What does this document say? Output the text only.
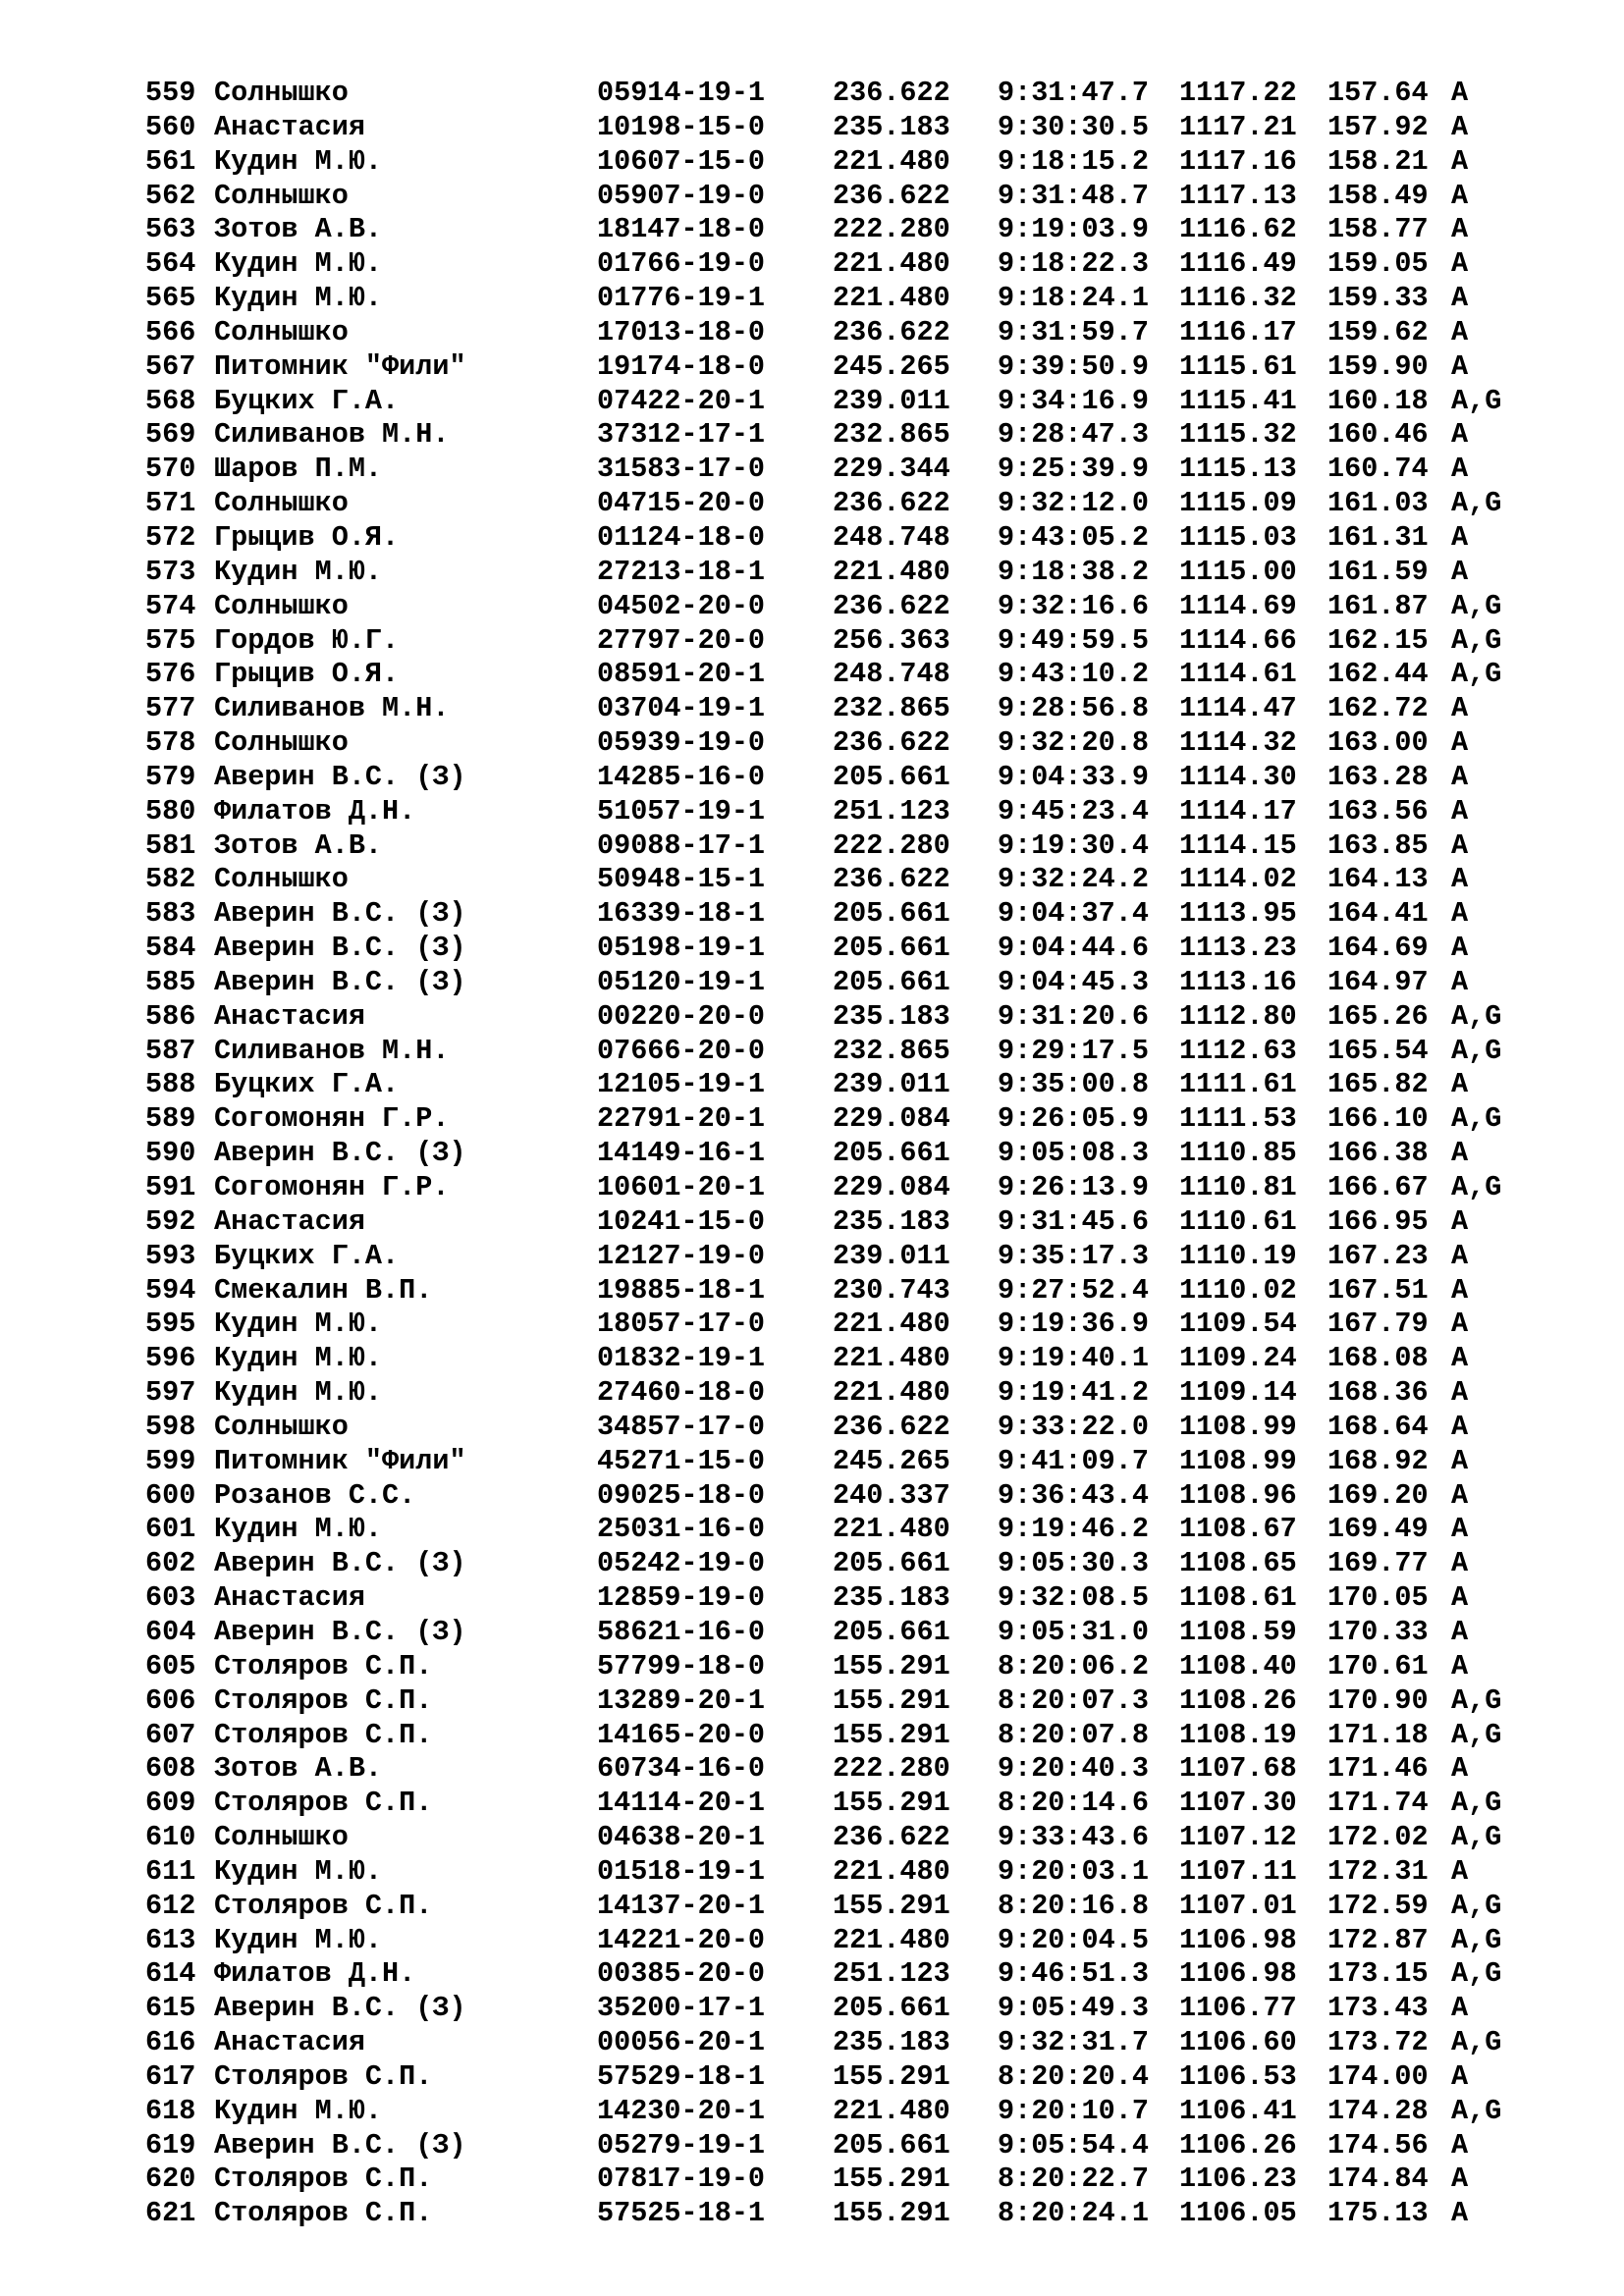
559 Солнышко	05914-19-1 236.622 9:31:47.7 1117.22 157.64 A
560 Анастасия	10198-15-0 235.183 9:30:30.5 1117.21 157.92 A
561 Кудин М.Ю.	10607-15-0 221.480 9:18:15.2 1117.16 158.21 A
562 Солнышко	05907-19-0 236.622 9:31:48.7 1117.13 158.49 A
563 Зотов А.В.	18147-18-0 222.280 9:19:03.9 1116.62 158.77 A
564 Кудин М.Ю.	01766-19-0 221.480 9:18:22.3 1116.49 159.05 A
565 Кудин М.Ю.	01776-19-1 221.480 9:18:24.1 1116.32 159.33 A
566 Солнышко	17013-18-0 236.622 9:31:59.7 1116.17 159.62 A
567 Питомник "Фили"	19174-18-0 245.265 9:39:50.9 1115.61 159.90 A
568 Буцких Г.А.	07422-20-1 239.011 9:34:16.9 1115.41 160.18 A,G
569 Силиванов М.Н.	37312-17-1 232.865 9:28:47.3 1115.32 160.46 A
570 Шаров П.М.	31583-17-0 229.344 9:25:39.9 1115.13 160.74 A
571 Солнышко	04715-20-0 236.622 9:32:12.0 1115.09 161.03 A,G
572 Грыцив О.Я.	01124-18-0 248.748 9:43:05.2 1115.03 161.31 A
573 Кудин М.Ю.	27213-18-1 221.480 9:18:38.2 1115.00 161.59 A
574 Солнышко	04502-20-0 236.622 9:32:16.6 1114.69 161.87 A,G
575 Гордов Ю.Г.	27797-20-0 256.363 9:49:59.5 1114.66 162.15 A,G
576 Грыцив О.Я.	08591-20-1 248.748 9:43:10.2 1114.61 162.44 A,G
577 Силиванов М.Н.	03704-19-1 232.865 9:28:56.8 1114.47 162.72 A
578 Солнышко	05939-19-0 236.622 9:32:20.8 1114.32 163.00 A
579 Аверин В.С. (З)	14285-16-0 205.661 9:04:33.9 1114.30 163.28 A
580 Филатов Д.Н.	51057-19-1 251.123 9:45:23.4 1114.17 163.56 A
581 Зотов А.В.	09088-17-1 222.280 9:19:30.4 1114.15 163.85 A
582 Солнышко	50948-15-1 236.622 9:32:24.2 1114.02 164.13 A
583 Аверин В.С. (З)	16339-18-1 205.661 9:04:37.4 1113.95 164.41 A
584 Аверин В.С. (З)	05198-19-1 205.661 9:04:44.6 1113.23 164.69 A
585 Аверин В.С. (З)	05120-19-1 205.661 9:04:45.3 1113.16 164.97 A
586 Анастасия	00220-20-0 235.183 9:31:20.6 1112.80 165.26 A,G
587 Силиванов М.Н.	07666-20-0 232.865 9:29:17.5 1112.63 165.54 A,G
588 Буцких Г.А.	12105-19-1 239.011 9:35:00.8 1111.61 165.82 A
589 Согомонян Г.Р.	22791-20-1 229.084 9:26:05.9 1111.53 166.10 A,G
590 Аверин В.С. (З)	14149-16-1 205.661 9:05:08.3 1110.85 166.38 A
591 Согомонян Г.Р.	10601-20-1 229.084 9:26:13.9 1110.81 166.67 A,G
592 Анастасия	10241-15-0 235.183 9:31:45.6 1110.61 166.95 A
593 Буцких Г.А.	12127-19-0 239.011 9:35:17.3 1110.19 167.23 A
594 Смекалин В.П.	19885-18-1 230.743 9:27:52.4 1110.02 167.51 A
595 Кудин М.Ю.	18057-17-0 221.480 9:19:36.9 1109.54 167.79 A
596 Кудин М.Ю.	01832-19-1 221.480 9:19:40.1 1109.24 168.08 A
597 Кудин М.Ю.	27460-18-0 221.480 9:19:41.2 1109.14 168.36 A
598 Солнышко	34857-17-0 236.622 9:33:22.0 1108.99 168.64 A
599 Питомник "Фили"	45271-15-0 245.265 9:41:09.7 1108.99 168.92 A
600 Розанов С.С.	09025-18-0 240.337 9:36:43.4 1108.96 169.20 A
601 Кудин М.Ю.	25031-16-0 221.480 9:19:46.2 1108.67 169.49 A
602 Аверин В.С. (З)	05242-19-0 205.661 9:05:30.3 1108.65 169.77 A
603 Анастасия	12859-19-0 235.183 9:32:08.5 1108.61 170.05 A
604 Аверин В.С. (З)	58621-16-0 205.661 9:05:31.0 1108.59 170.33 A
605 Столяров С.П.	57799-18-0 155.291 8:20:06.2 1108.40 170.61 A
606 Столяров С.П.	13289-20-1 155.291 8:20:07.3 1108.26 170.90 A,G
607 Столяров С.П.	14165-20-0 155.291 8:20:07.8 1108.19 171.18 A,G
608 Зотов А.В.	60734-16-0 222.280 9:20:40.3 1107.68 171.46 A
609 Столяров С.П.	14114-20-1 155.291 8:20:14.6 1107.30 171.74 A,G
610 Солнышко	04638-20-1 236.622 9:33:43.6 1107.12 172.02 A,G
611 Кудин М.Ю.	01518-19-1 221.480 9:20:03.1 1107.11 172.31 A
612 Столяров С.П.	14137-20-1 155.291 8:20:16.8 1107.01 172.59 A,G
613 Кудин М.Ю.	14221-20-0 221.480 9:20:04.5 1106.98 172.87 A,G
614 Филатов Д.Н.	00385-20-0 251.123 9:46:51.3 1106.98 173.15 A,G
615 Аверин В.С. (З)	35200-17-1 205.661 9:05:49.3 1106.77 173.43 A
616 Анастасия	00056-20-1 235.183 9:32:31.7 1106.60 173.72 A,G
617 Столяров С.П.	57529-18-1 155.291 8:20:20.4 1106.53 174.00 A
618 Кудин М.Ю.	14230-20-1 221.480 9:20:10.7 1106.41 174.28 A,G
619 Аверин В.С. (З)	05279-19-1 205.661 9:05:54.4 1106.26 174.56 A
620 Столяров С.П.	07817-19-0 155.291 8:20:22.7 1106.23 174.84 A
621 Столяров С.П.	57525-18-1 155.291 8:20:24.1 1106.05 175.13 A
